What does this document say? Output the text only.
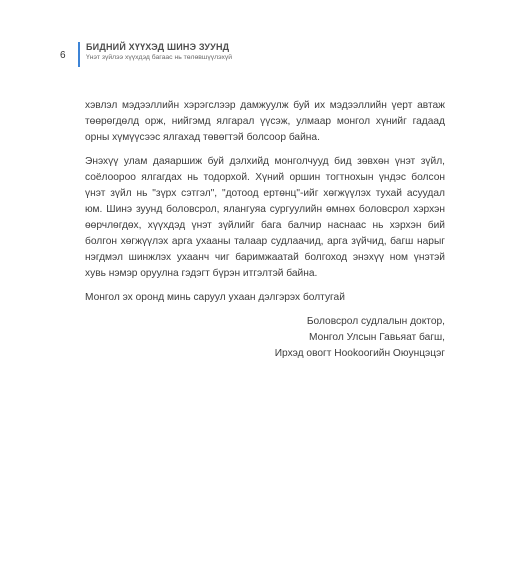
6
БИДНИЙ ХҮҮХЭД ШИНЭ ЗУУНД
Үнэт зүйлээ хүүхдэд багаас нь төлөвшүүлэхүй

хэвлэл мэдээллийн хэрэгслээр дамжуулж буй их мэдээллийн үерт автаж төөрөгдөлд орж, нийгэмд ялгарал үүсэж, улмаар монгол хүнийг гадаад орны хүмүүсээс ялгахад төвөгтэй болсоор байна.

Энэхүү улам даяаршиж буй дэлхийд монголчууд бид зөвхөн үнэт зүйл, соёлоороо ялгагдах нь тодорхой. Хүний оршин тогтнохын үндэс болсон үнэт зүйл нь "зүрх сэтгэл", "дотоод ертөнц"-ийг хөгжүүлэх тухай асуудал юм. Шинэ зуунд боловсрол, ялангуяа сургуулийн өмнөх боловсрол хэрхэн өөрчлөгдөх, хүүхдэд үнэт зүйлийг бага балчир наснаас нь хэрхэн бий болгон хөгжүүлэх арга ухааны талаар судлаачид, арга зүйчид, багш нарыг нэгдмэл шинжлэх ухаанч чиг баримжаатай болгоход энэхүү ном үнэтэй хувь нэмэр оруулна гэдэгт бүрэн итгэлтэй байна.

Монгол эх оронд минь саруул ухаан дэлгэрэх болтугай

Боловсрол судлалын доктор,
Монгол Улсын Гавьяат багш,
Ирхэд овогт Нookooгийн Оюунцэцэг
